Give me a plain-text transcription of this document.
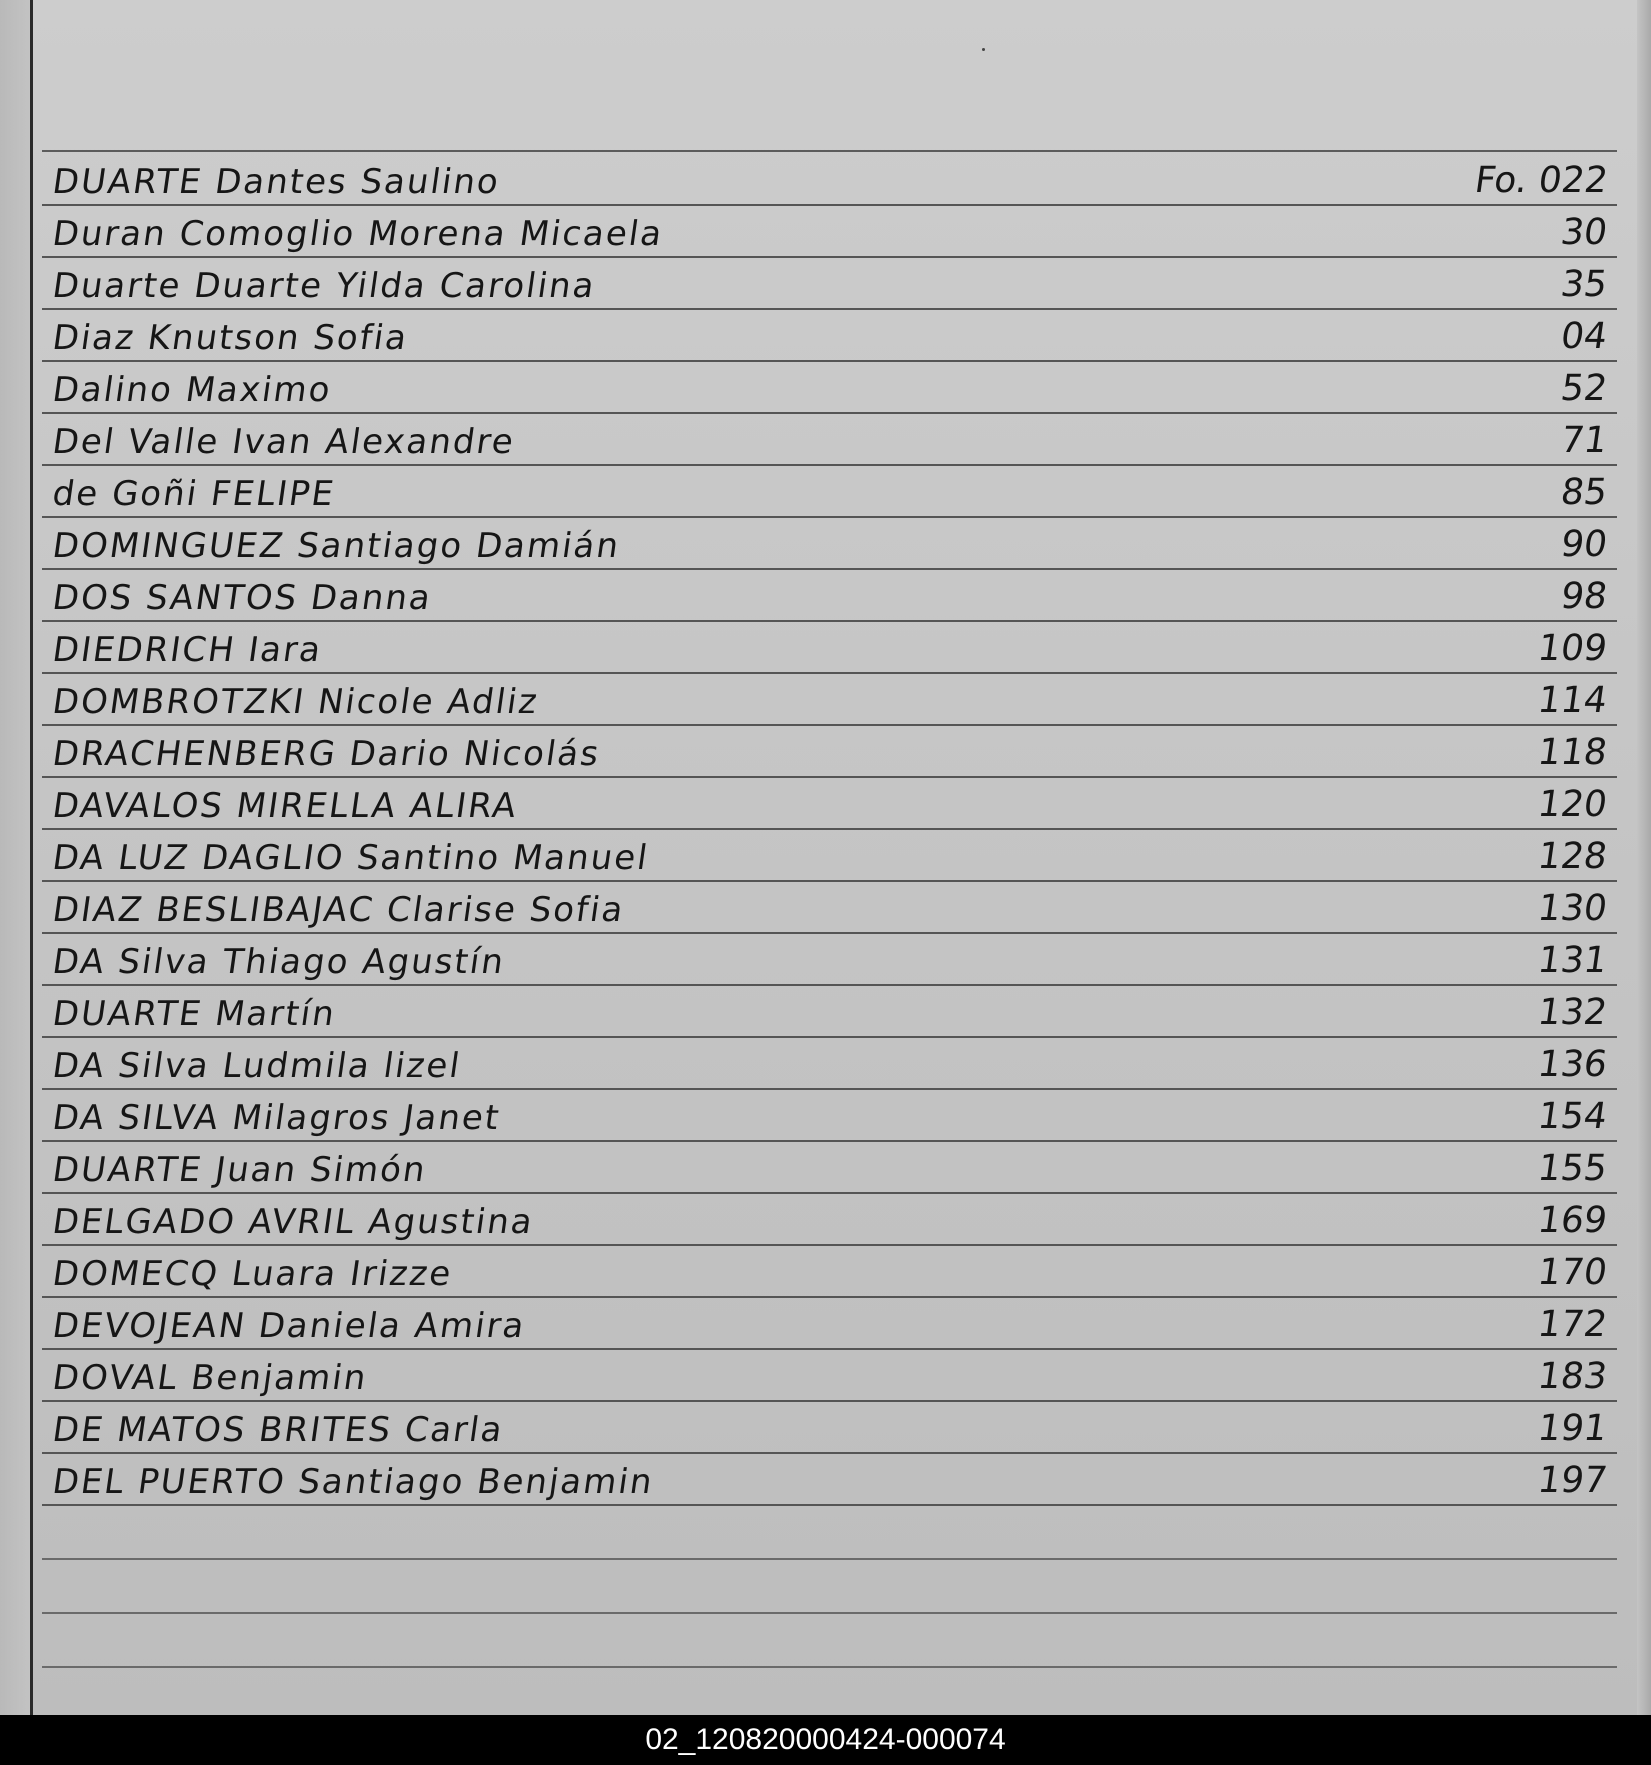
DUARTE Dantes Saulino	Fo. 022
Duran Comoglio Morena Micaela	30
Duarte Duarte Yilda Carolina	35
Diaz Knutson Sofia	04
Dalino Maximo	52
Del Valle Ivan Alexandre	71
de Goñi FELIPE	85
DOMINGUEZ Santiago Damián	90
DOS SANTOS Danna	98
DIEDRICH Iara	109
DOMBROTZKI Nicole Adliz	114
DRACHENBERG Dario Nicolás	118
DAVALOS MIRELLA ALIRA	120
DA LUZ DAGLIO Santino Manuel	128
DIAZ BESLIBAJAC Clarise Sofia	130
DA Silva Thiago Agustín	131
DUARTE Martín	132
DA Silva Ludmila lizel	136
DA SILVA Milagros Janet	154
DUARTE Juan Simón	155
DELGADO AVRIL Agustina	169
DOMECQ Luara Irizze	170
DEVOJEAN Daniela Amira	172
DOVAL Benjamin	183
DE MATOS BRITES Carla	191
DEL PUERTO Santiago Benjamin	197
02_120820000424-000074
